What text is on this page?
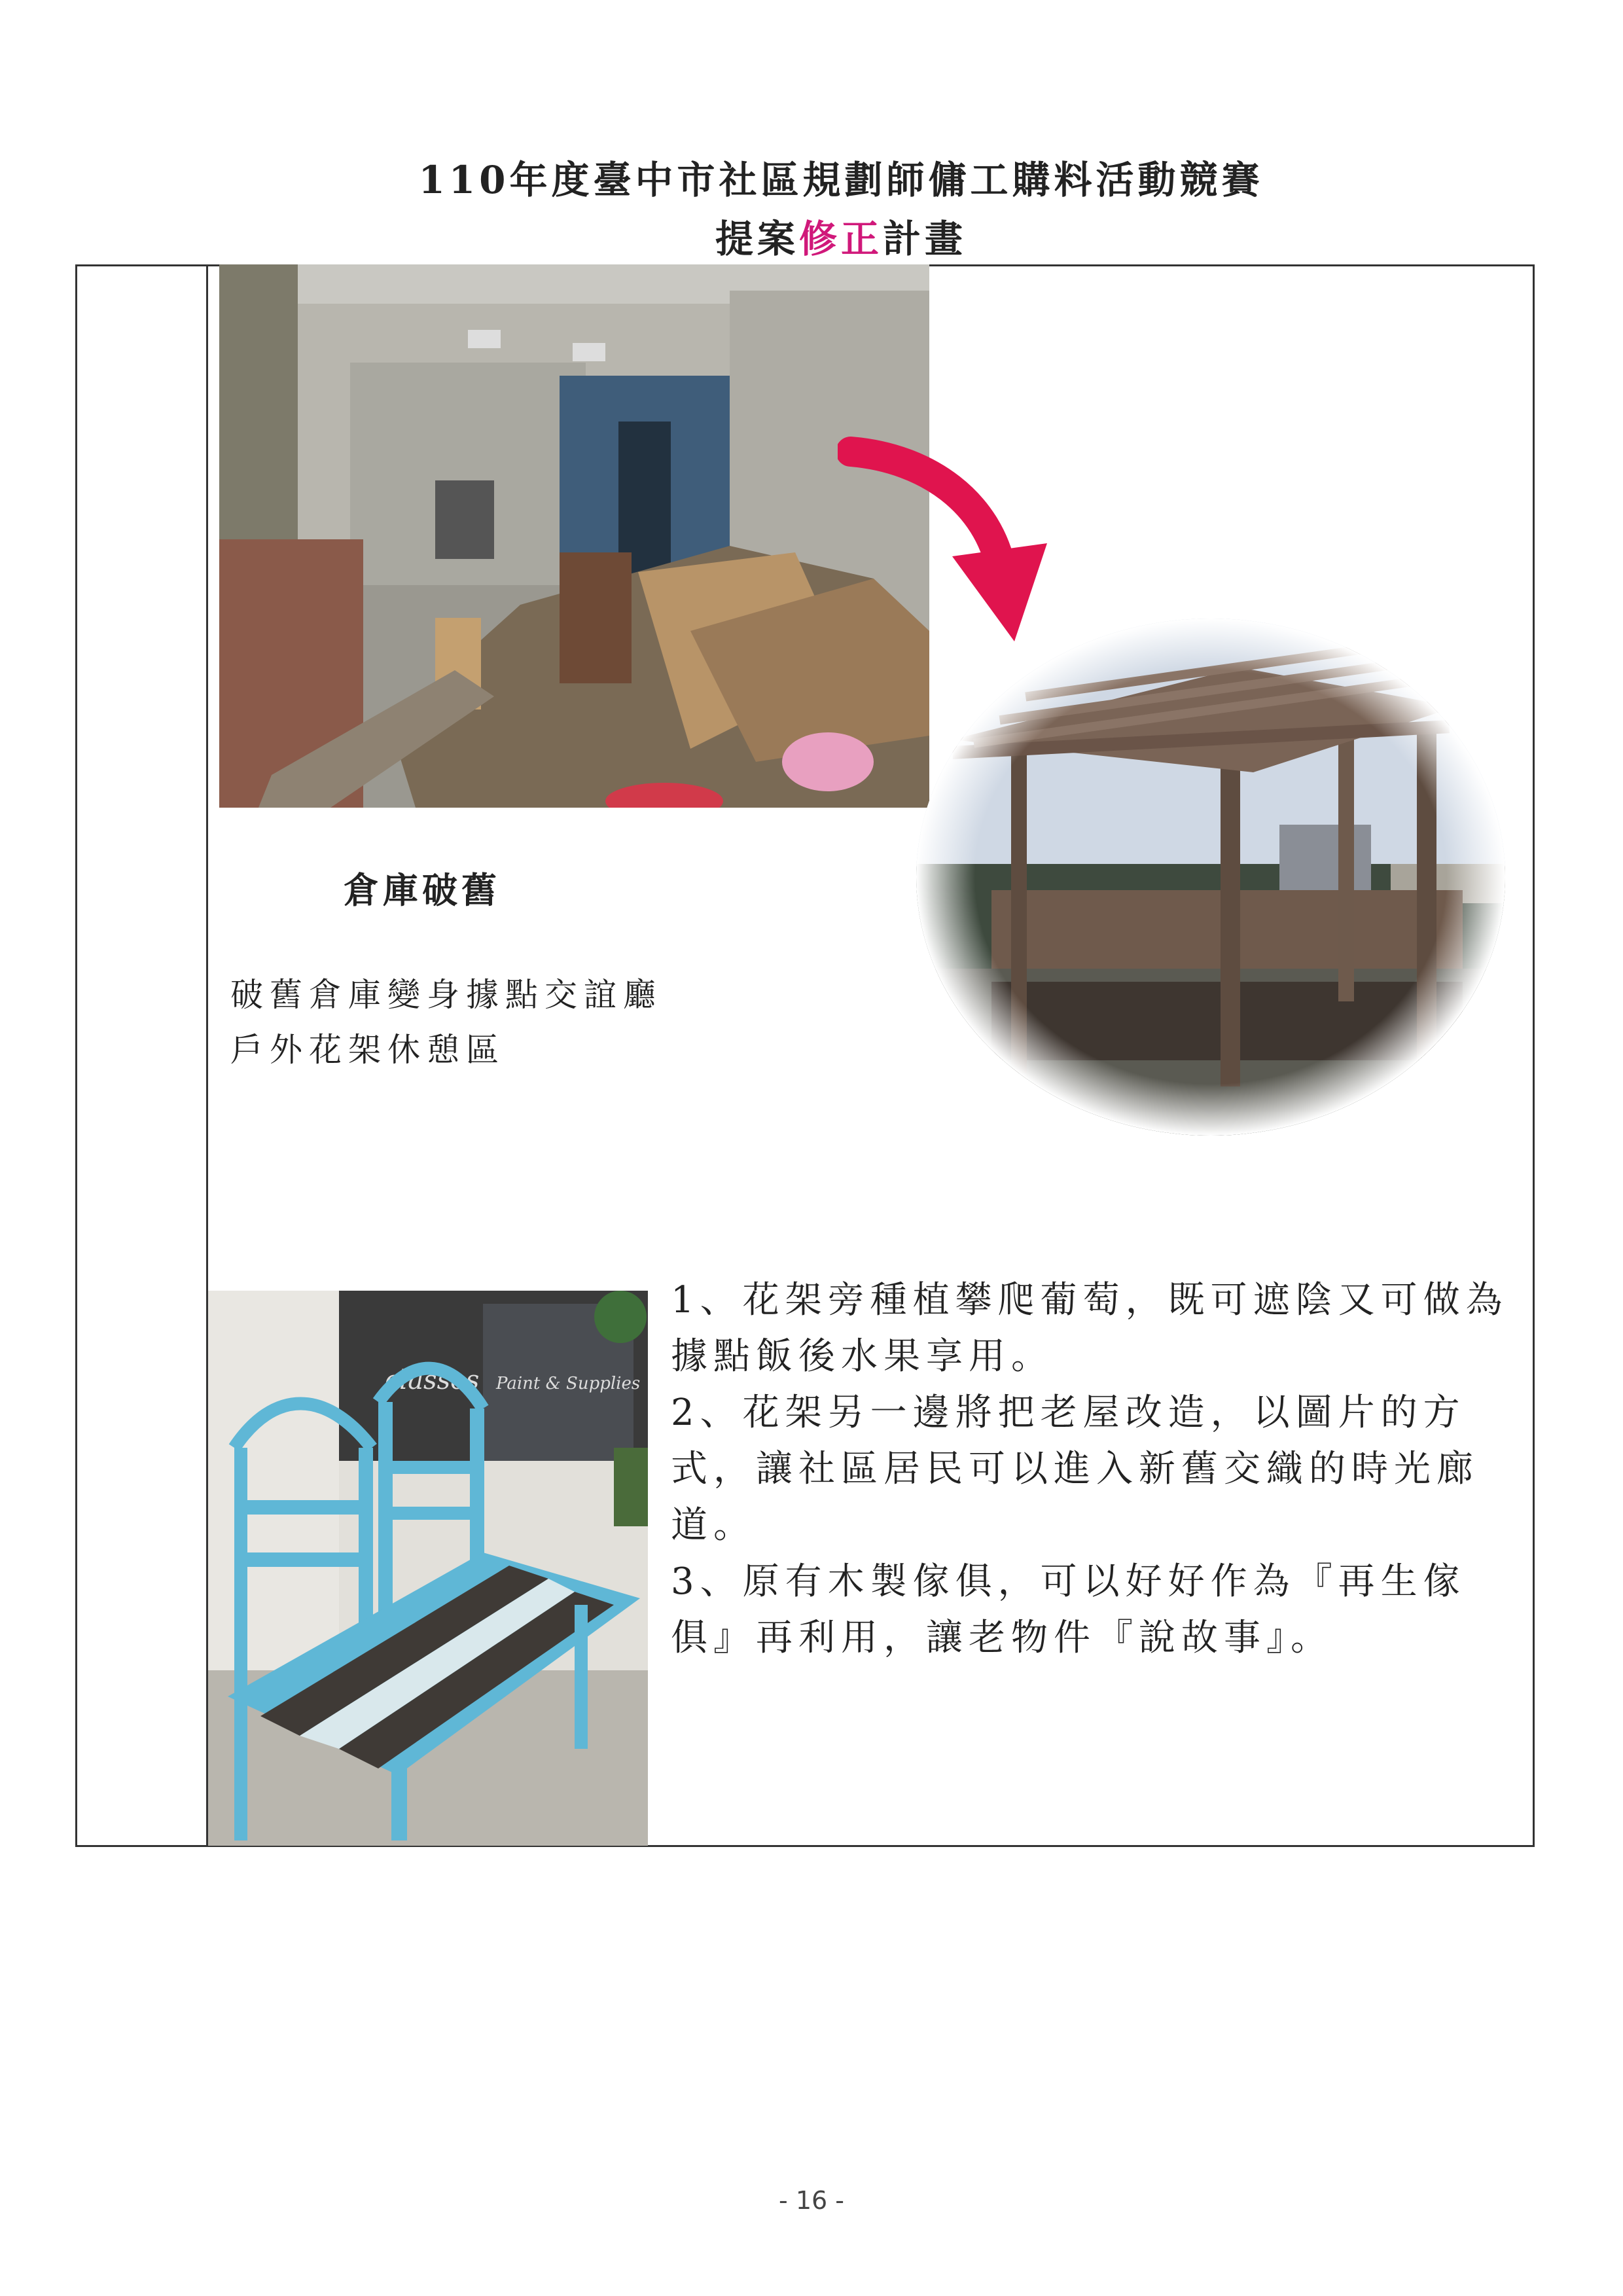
110年度臺中市社區規劃師傭工購料活動競賽
提案修正計畫
倉庫破舊
破舊倉庫變身據點交誼廳
戶外花架休憩區
Paint & Supplies
classes

1、花架旁種植攀爬葡萄，既可遮陰又可做為據點飯後水果享用。

2、花架另一邊將把老屋改造，以圖片的方式，讓社區居民可以進入新舊交織的時光廊道。

3、原有木製傢俱，可以好好作為『再生傢俱』再利用，讓老物件『說故事』。

- 16 -
